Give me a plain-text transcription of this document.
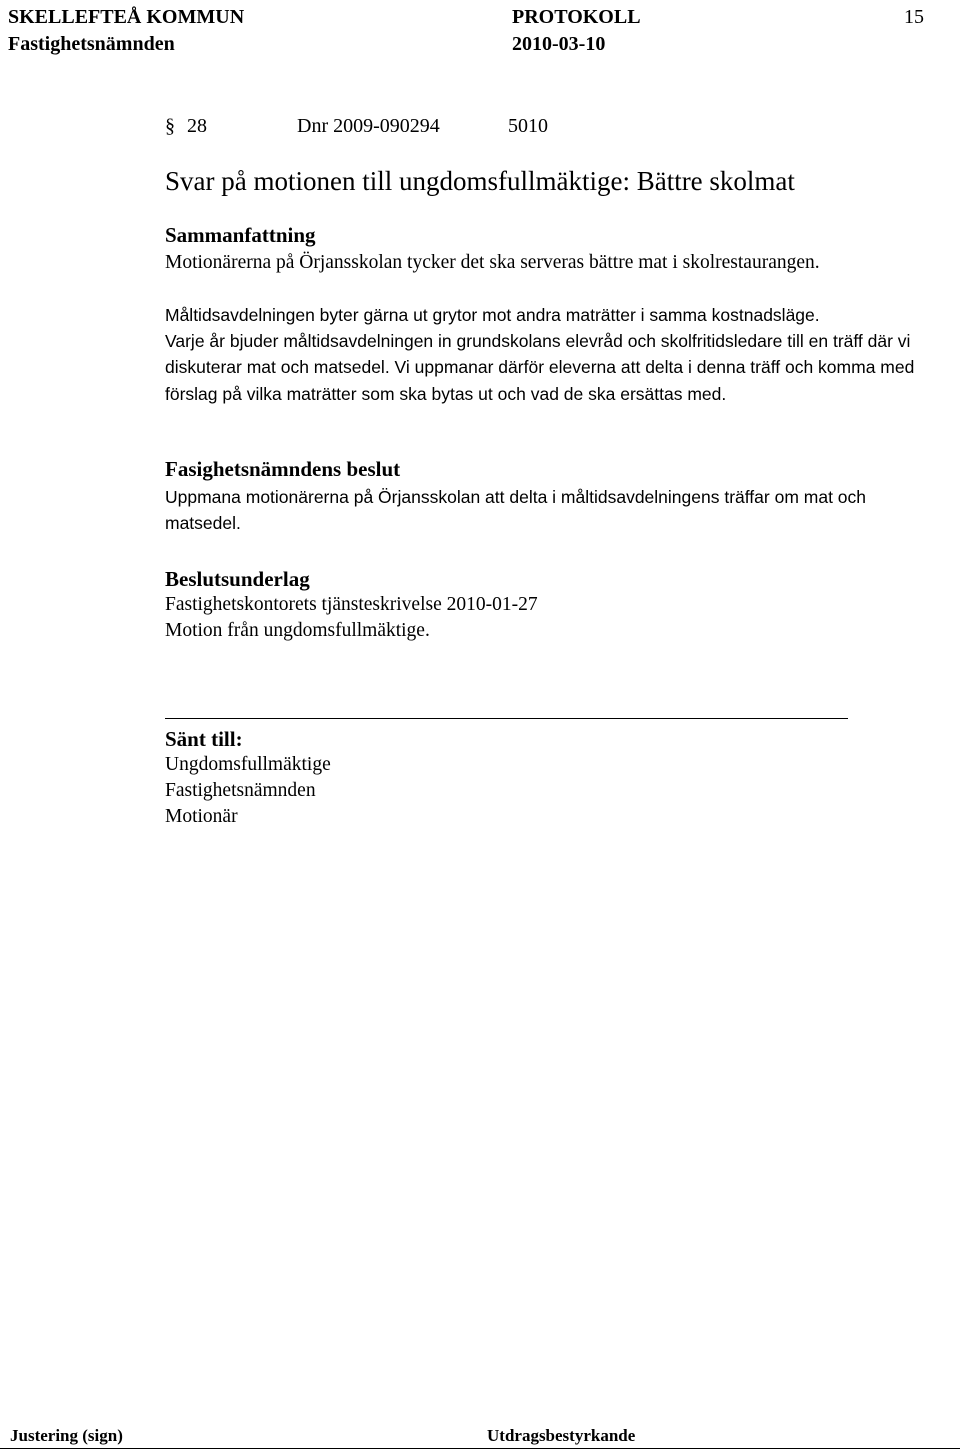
SKELLEFTEÅ KOMMUN
Fastighetsnämnden
PROTOKOLL
2010-03-10
15
§ 28	Dnr 2009-090294	5010
Svar på motionen till ungdomsfullmäktige: Bättre skolmat
Sammanfattning
Motionärerna på Örjansskolan tycker det ska serveras bättre mat i skolrestaurangen.
Måltidsavdelningen byter gärna ut grytor mot andra maträtter i samma kostnadsläge.
Varje år bjuder måltidsavdelningen in grundskolans elevråd och skolfritidsledare till en träff där vi diskuterar mat och matsedel. Vi uppmanar därför eleverna att delta i denna träff och komma med förslag på vilka maträtter som ska bytas ut och vad de ska ersättas med.
Fasighetsnämndens beslut
Uppmana motionärerna på Örjansskolan att delta i måltidsavdelningens träffar om mat och matsedel.
Beslutsunderlag
Fastighetskontorets tjänsteskrivelse 2010-01-27
Motion från ungdomsfullmäktige.
Sänt till:
Ungdomsfullmäktige
Fastighetsnämnden
Motionär
Justering (sign)	Utdragsbestyrkande
